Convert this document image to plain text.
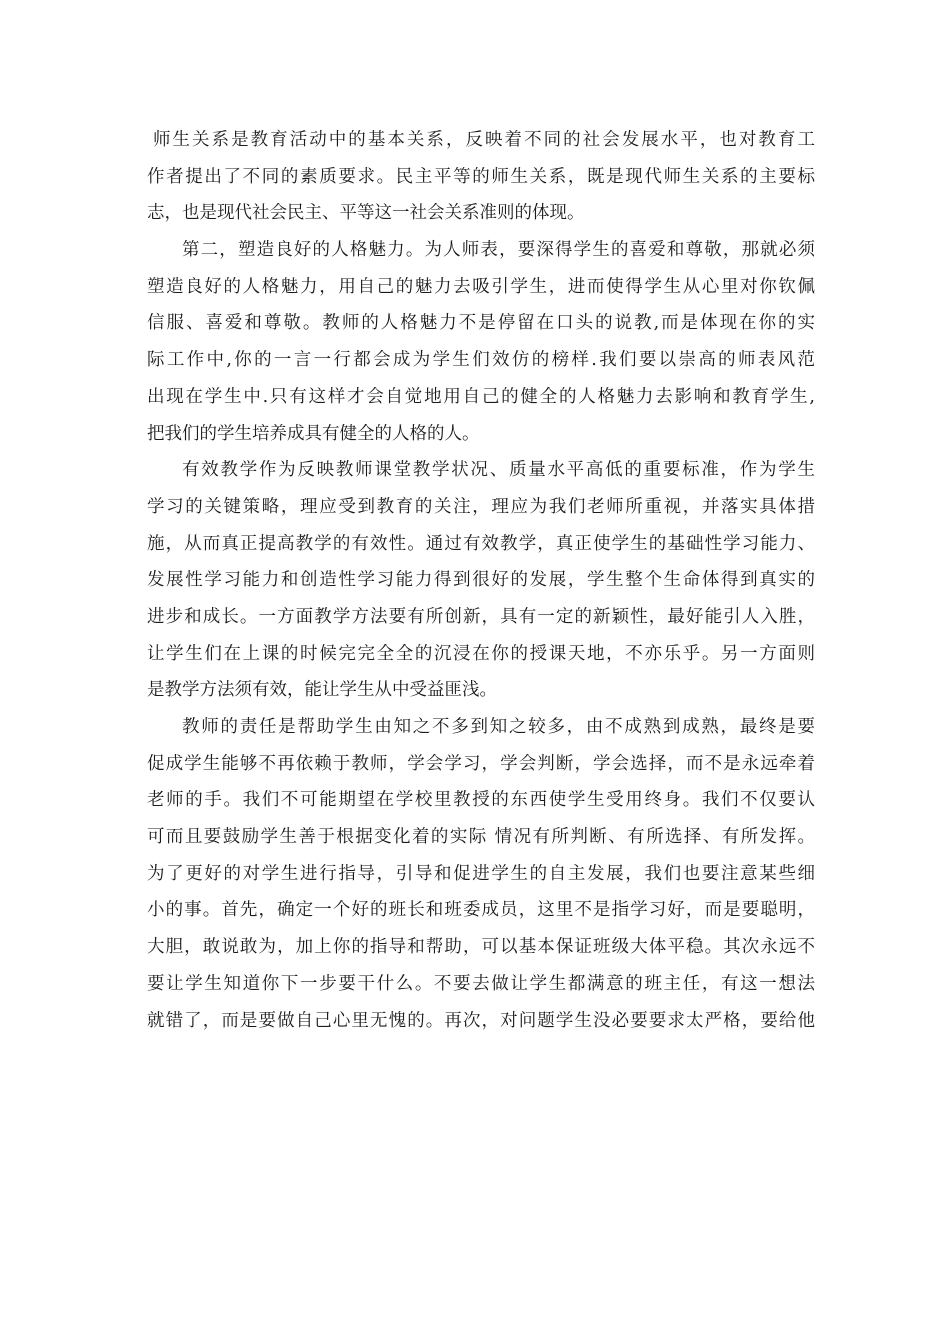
师生关系是教育活动中的基本关系，反映着不同的社会发展水平，也对教育工
作者提出了不同的素质要求。民主平等的师生关系，既是现代师生关系的主要标
志，也是现代社会民主、平等这一社会关系准则的体现。
第二，塑造良好的人格魅力。为人师表，要深得学生的喜爱和尊敬，那就必须
塑造良好的人格魅力，用自己的魅力去吸引学生，进而使得学生从心里对你钦佩
信服、喜爱和尊敬。教师的人格魅力不是停留在口头的说教,而是体现在你的实
际工作中,你的一言一行都会成为学生们效仿的榜样.我们要以崇高的师表风范
出现在学生中.只有这样才会自觉地用自己的健全的人格魅力去影响和教育学生,
把我们的学生培养成具有健全的人格的人。
有效教学作为反映教师课堂教学状况、质量水平高低的重要标准，作为学生
学习的关键策略，理应受到教育的关注，理应为我们老师所重视，并落实具体措
施，从而真正提高教学的有效性。通过有效教学，真正使学生的基础性学习能力、
发展性学习能力和创造性学习能力得到很好的发展，学生整个生命体得到真实的
进步和成长。一方面教学方法要有所创新，具有一定的新颖性，最好能引人入胜，
让学生们在上课的时候完完全全的沉浸在你的授课天地，不亦乐乎。另一方面则
是教学方法须有效，能让学生从中受益匪浅。
教师的责任是帮助学生由知之不多到知之较多，由不成熟到成熟，最终是要
促成学生能够不再依赖于教师，学会学习，学会判断，学会选择，而不是永远牵着
老师的手。我们不可能期望在学校里教授的东西使学生受用终身。我们不仅要认
可而且要鼓励学生善于根据变化着的实际 情况有所判断、有所选择、有所发挥。
为了更好的对学生进行指导，引导和促进学生的自主发展，我们也要注意某些细
小的事。首先，确定一个好的班长和班委成员，这里不是指学习好，而是要聪明，
大胆，敢说敢为，加上你的指导和帮助，可以基本保证班级大体平稳。其次永远不
要让学生知道你下一步要干什么。不要去做让学生都满意的班主任，有这一想法
就错了，而是要做自己心里无愧的。再次，对问题学生没必要要求太严格，要给他
